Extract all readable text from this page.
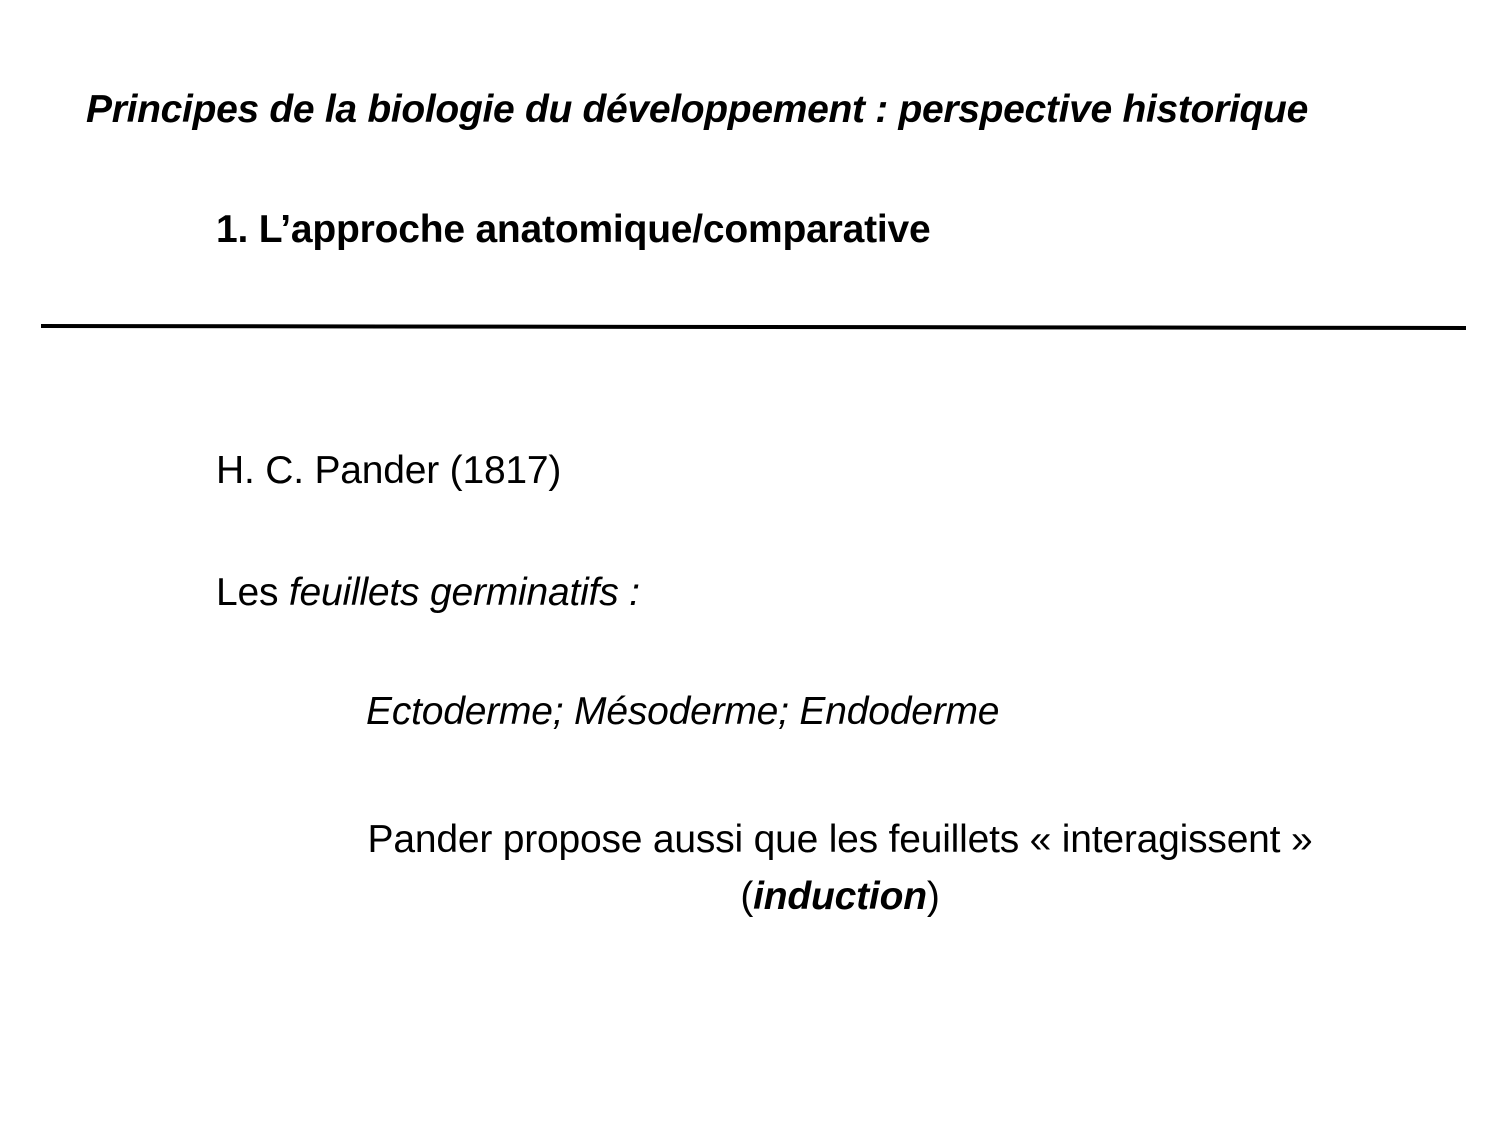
Principes de la biologie du développement : perspective historique
1. L’approche anatomique/comparative
H. C. Pander (1817)
Les feuillets germinatifs :
Ectoderme; Mésoderme; Endoderme
Pander propose aussi que les feuillets « interagissent »
(induction)
